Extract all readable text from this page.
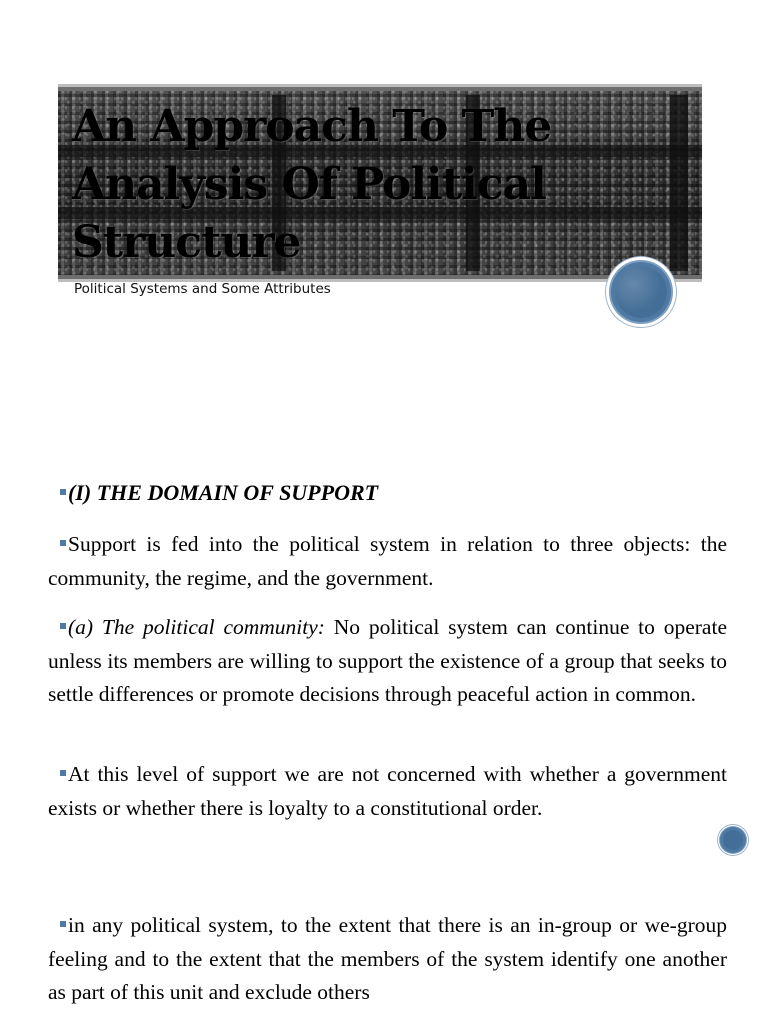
An Approach To The Analysis Of Political Structure

Political Systems and Some Attributes

(I) THE DOMAIN OF SUPPORT

Support is fed into the political system in relation to three objects: the community, the regime, and the government.

(a) The political community: No political system can continue to operate unless its members are willing to support the existence of a group that seeks to settle differences or promote decisions through peaceful action in common.

At this level of support we are not concerned with whether a government exists or whether there is loyalty to a constitutional order.

in any political system, to the extent that there is an in-group or we-group feeling and to the extent that the members of the system identify one another as part of this unit and exclude others
